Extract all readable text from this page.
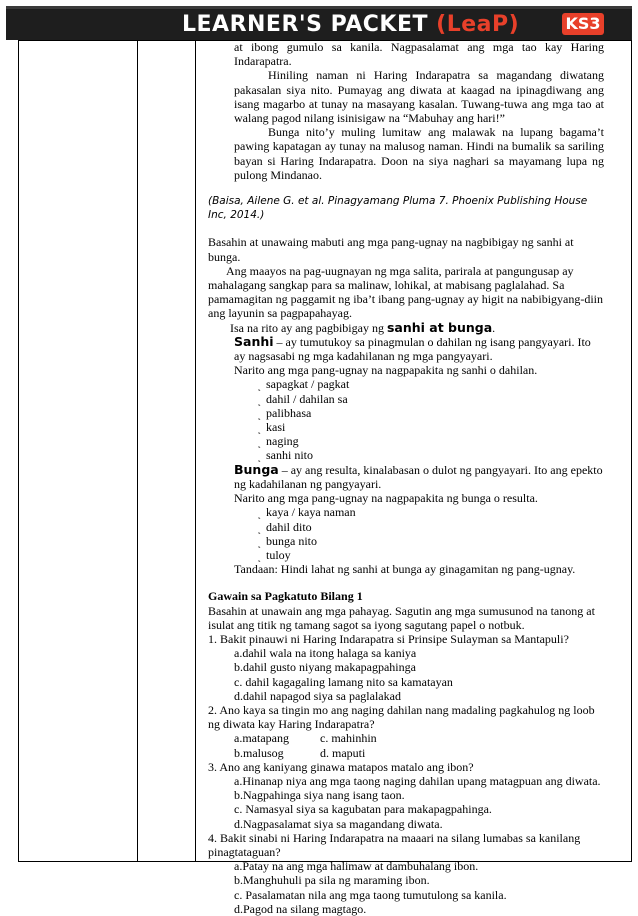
LEARNER'S PACKET (LeaP)	KS3

at ibong gumulo sa kanila. Nagpasalamat ang mga tao kay Haring Indarapatra.

Hiniling naman ni Haring Indarapatra sa magandang diwatang pakasalan siya nito. Pumayag ang diwata at kaagad na ipinagdiwang ang isang magarbo at tunay na masayang kasalan. Tuwang-tuwa ang mga tao at walang pagod nilang isinisigaw na “Mabuhay ang hari!”

Bunga nito’y muling lumitaw ang malawak na lupang bagama’t pawing kapatagan ay tunay na malusog naman. Hindi na bumalik sa sariling bayan si Haring Indarapatra. Doon na siya naghari sa mayamang lupa ng pulong Mindanao.

(Baisa, Ailene G. et al. Pinagyamang Pluma 7. Phoenix Publishing House Inc, 2014.)

Basahin at unawaing mabuti ang mga pang-ugnay na nagbibigay ng sanhi at bunga.

Ang maayos na pag-uugnayan ng mga salita, parirala at pangungusap ay mahalagang sangkap para sa malinaw, lohikal, at mabisang paglalahad. Sa pamamagitan ng paggamit ng iba’t ibang pang-ugnay ay higit na nabibigyang-diin ang layunin sa pagpapahayag.

Isa na rito ay ang pagbibigay ng sanhi at bunga.

Sanhi – ay tumutukoy sa pinagmulan o dahilan ng isang pangyayari. Ito ay nagsasabi ng mga kadahilanan ng mga pangyayari.

Narito ang mga pang-ugnay na nagpapakita ng sanhi o dahilan.

˛ sapagkat / pagkat

˛ dahil / dahilan sa

˛ palibhasa

˛ kasi

˛ naging

˛ sanhi nito

Bunga – ay ang resulta, kinalabasan o dulot ng pangyayari. Ito ang epekto ng kadahilanan ng pangyayari.

Narito ang mga pang-ugnay na nagpapakita ng bunga o resulta.

˛ kaya / kaya naman

˛ dahil dito

˛ bunga nito

˛ tuloy

Tandaan: Hindi lahat ng sanhi at bunga ay ginagamitan ng pang-ugnay.

Gawain sa Pagkatuto Bilang 1

Basahin at unawain ang mga pahayag. Sagutin ang mga sumusunod na tanong at isulat ang titik ng tamang sagot sa iyong sagutang papel o notbuk.

1. Bakit pinauwi ni Haring Indarapatra si Prinsipe Sulayman sa Mantapuli?

a.dahil wala na itong halaga sa kaniya

b.dahil gusto niyang makapagpahinga

c. dahil kagagaling lamang nito sa kamatayan

d.dahil napagod siya sa paglalakad

2. Ano kaya sa tingin mo ang naging dahilan nang madaling pagkahulog ng loob ng diwata kay Haring Indarapatra?

a.matapang	c. mahinhin

b.malusog	d. maputi

3. Ano ang kaniyang ginawa matapos matalo ang ibon?

a.Hinanap niya ang mga taong naging dahilan upang matagpuan ang diwata.

b.Nagpahinga siya nang isang taon.

c. Namasyal siya sa kagubatan para makapagpahinga.

d.Nagpasalamat siya sa magandang diwata.

4. Bakit sinabi ni Haring Indarapatra na maaari na silang lumabas sa kanilang pinagtataguan?

a.Patay na ang mga halimaw at dambuhalang ibon.

b.Manghuhuli pa sila ng maraming ibon.

c. Pasalamatan nila ang mga taong tumutulong sa kanila.

d.Pagod na silang magtago.
